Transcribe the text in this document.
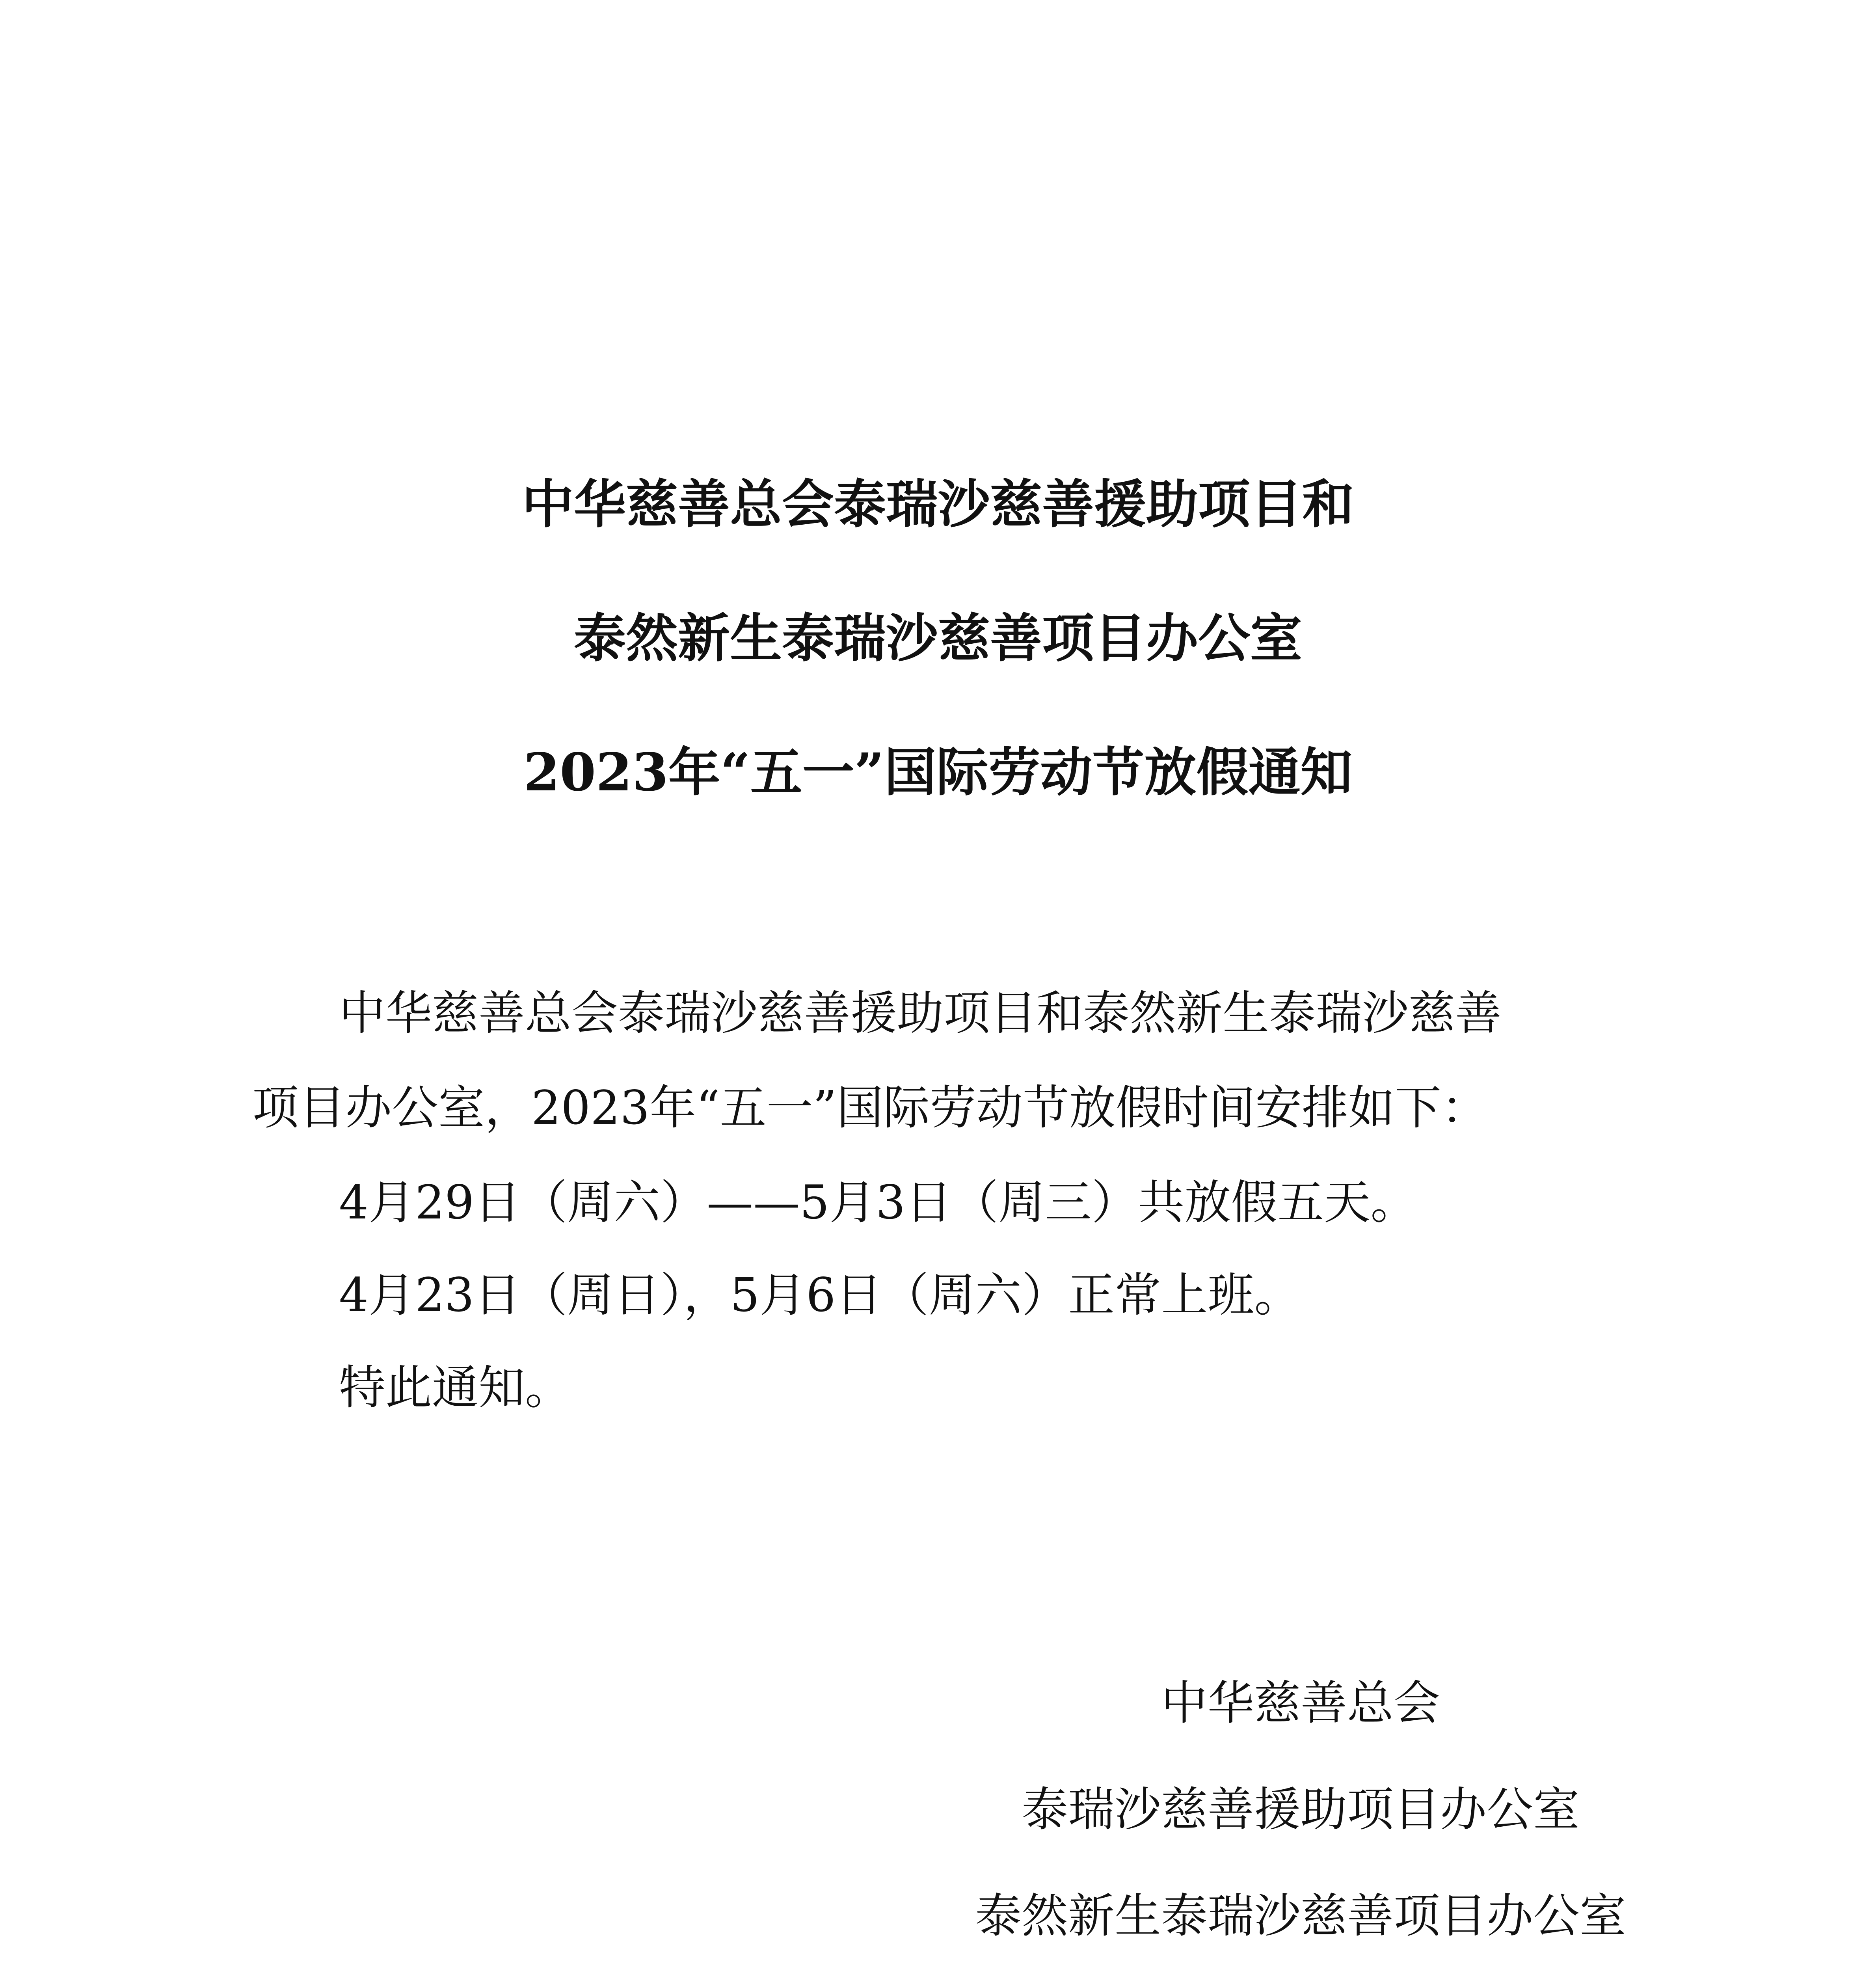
中华慈善总会泰瑞沙慈善援助项目和
泰然新生泰瑞沙慈善项目办公室
2023年“五一”国际劳动节放假通知
中华慈善总会泰瑞沙慈善援助项目和泰然新生泰瑞沙慈善
项目办公室，2023年“五一”国际劳动节放假时间安排如下：
4月29日（周六）——5月3日（周三）共放假五天。
4月23日（周日），5月6日（周六）正常上班。
特此通知。
中华慈善总会
泰瑞沙慈善援助项目办公室
泰然新生泰瑞沙慈善项目办公室
